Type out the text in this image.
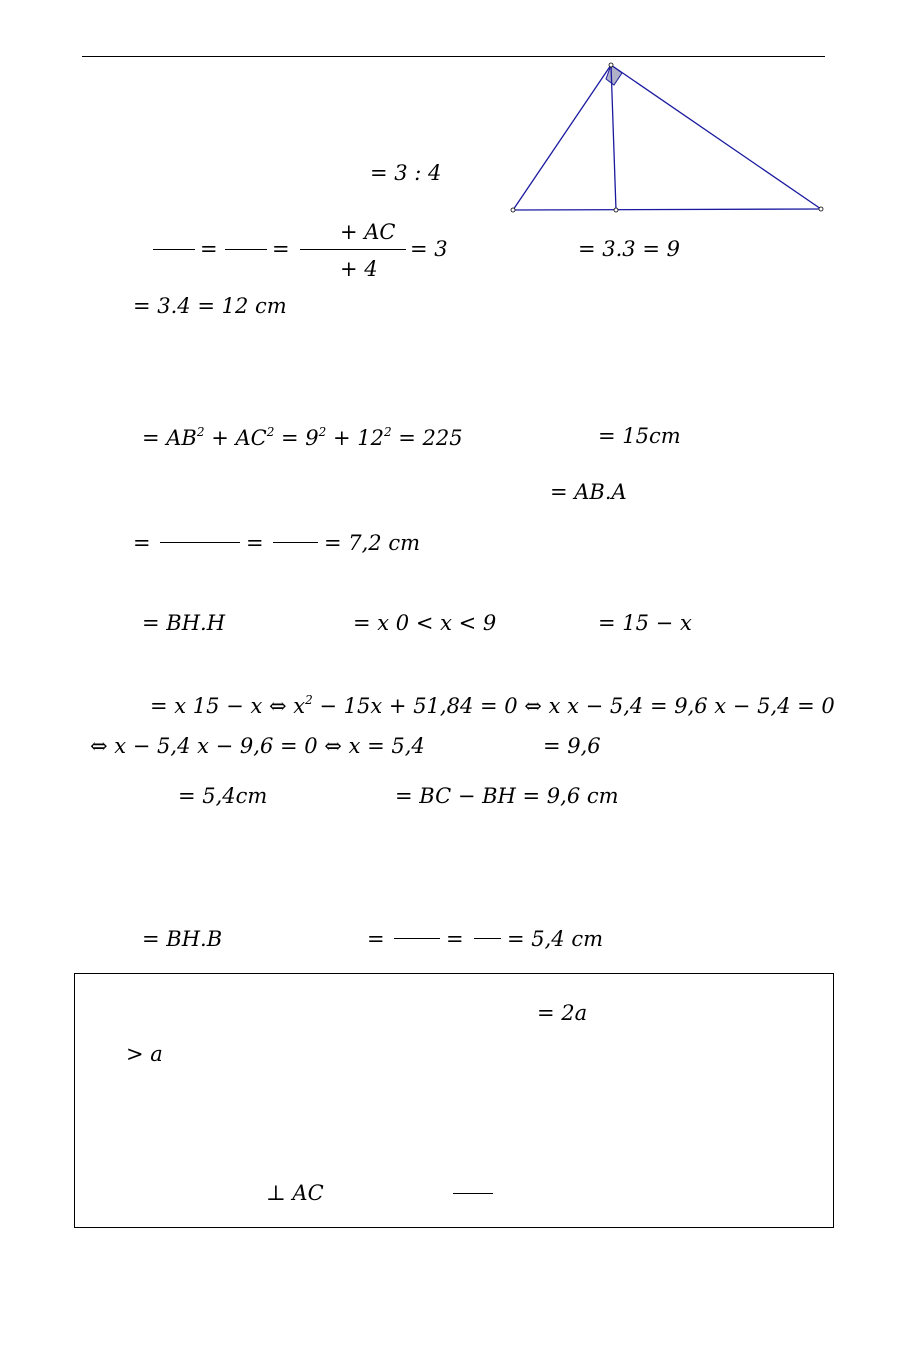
= 3 : 4
=	=
+ AC
+ 4
= 3	= 3.3 = 9
= 3.4 = 12 cm
= $AB^2 + AC^2 = 9^2 + 12^2 = 225$	= 15cm
= AB.A
=	=	= 7,2 cm
= BH.H	= x 0 < x < 9	= 15 − x
= x 15 − x ⇔ $x^2 - 15x + 51,84 = 0$ ⇔ x x − 5,4 = 9,6 x − 5,4 = 0
⇔ x − 5,4 x − 9,6 = 0 ⇔ x = 5,4	= 9,6
= 5,4cm	= BC − BH = 9,6 cm
= BH.B	=	= = 5,4 cm
= 2a
> a
⊥ AC
